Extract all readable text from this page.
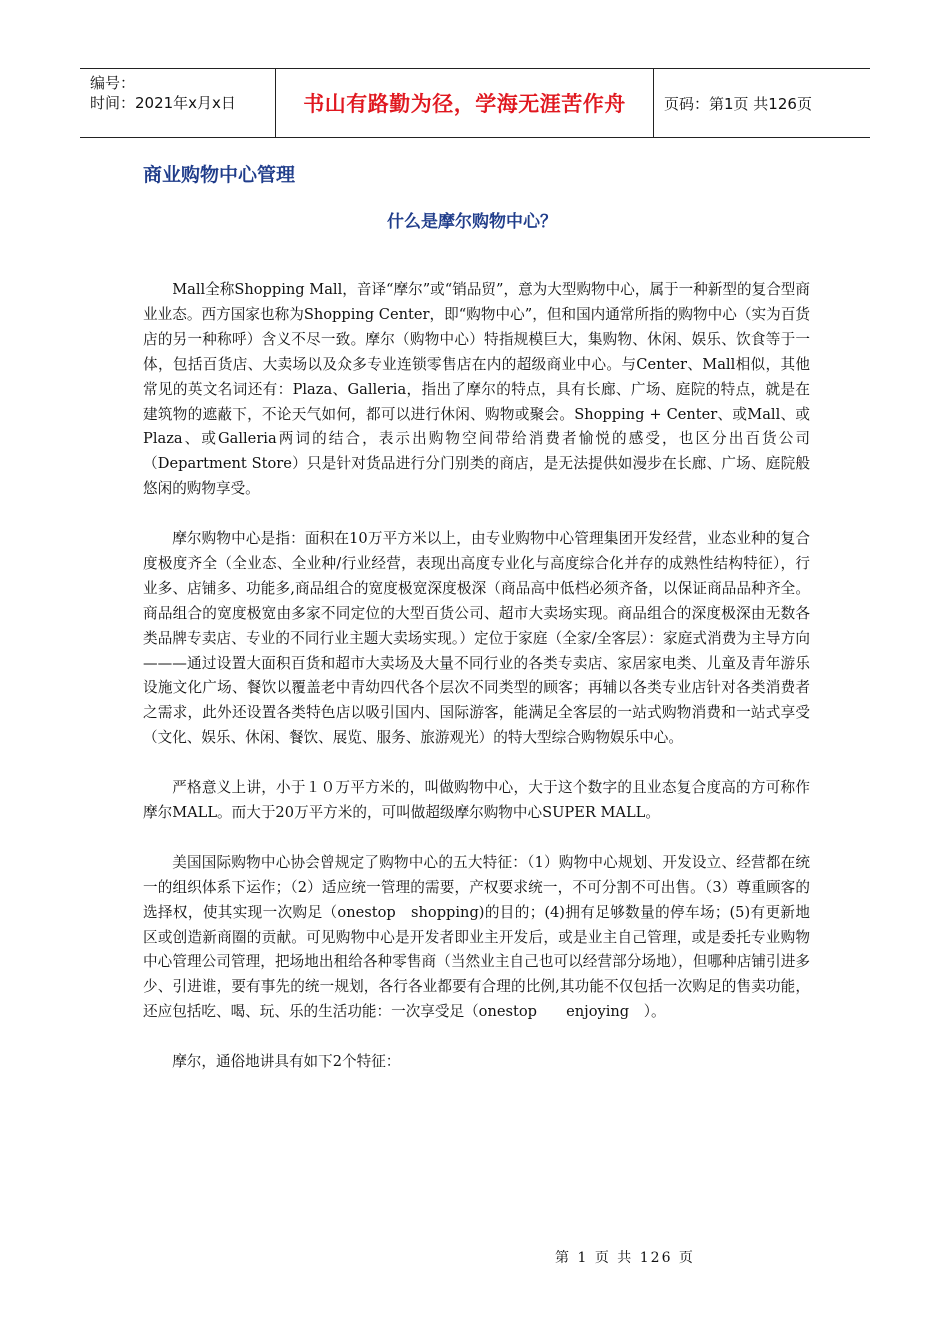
编号：
时间：2021年x月x日	书山有路勤为径，学海无涯苦作舟	页码：第1页 共126页
商业购物中心管理
什么是摩尔购物中心？

Mall全称Shopping Mall，音译“摩尔”或“销品贸”，意为大型购物中心，属于一种新型的复合型商业业态。西方国家也称为Shopping Center，即“购物中心”，但和国内通常所指的购物中心（实为百货店的另一种称呼）含义不尽一致。摩尔（购物中心）特指规模巨大，集购物、休闲、娱乐、饮食等于一体，包括百货店、大卖场以及众多专业连锁零售店在内的超级商业中心。与Center、Mall相似，其他常见的英文名词还有：Plaza、Galleria，指出了摩尔的特点，具有长廊、广场、庭院的特点，就是在建筑物的遮蔽下，不论天气如何，都可以进行休闲、购物或聚会。Shopping + Center、或Mall、或Plaza、或Galleria两词的结合，表示出购物空间带给消费者愉悦的感受，也区分出百货公司（Department Store）只是针对货品进行分门别类的商店，是无法提供如漫步在长廊、广场、庭院般悠闲的购物享受。

摩尔购物中心是指：面积在10万平方米以上，由专业购物中心管理集团开发经营，业态业种的复合度极度齐全（全业态、全业种/行业经营，表现出高度专业化与高度综合化并存的成熟性结构特征），行业多、店铺多、功能多,商品组合的宽度极宽深度极深（商品高中低档必须齐备，以保证商品品种齐全。商品组合的宽度极宽由多家不同定位的大型百货公司、超市大卖场实现。商品组合的深度极深由无数各类品牌专卖店、专业的不同行业主题大卖场实现。）定位于家庭（全家/全客层）：家庭式消费为主导方向———通过设置大面积百货和超市大卖场及大量不同行业的各类专卖店、家居家电类、儿童及青年游乐设施文化广场、餐饮以覆盖老中青幼四代各个层次不同类型的顾客；再辅以各类专业店针对各类消费者之需求，此外还设置各类特色店以吸引国内、国际游客，能满足全客层的一站式购物消费和一站式享受（文化、娱乐、休闲、餐饮、展览、服务、旅游观光）的特大型综合购物娱乐中心。

严格意义上讲，小于１０万平方米的，叫做购物中心，大于这个数字的且业态复合度高的方可称作摩尔MALL。而大于20万平方米的，可叫做超级摩尔购物中心SUPER MALL。

美国国际购物中心协会曾规定了购物中心的五大特征：（1）购物中心规划、开发设立、经营都在统一的组织体系下运作；（2）适应统一管理的需要，产权要求统一，不可分割不可出售。（3）尊重顾客的选择权，使其实现一次购足（onestop　shopping)的目的；(4)拥有足够数量的停车场；(5)有更新地区或创造新商圈的贡献。可见购物中心是开发者即业主开发后，或是业主自己管理，或是委托专业购物中心管理公司管理，把场地出租给各种零售商（当然业主自己也可以经营部分场地），但哪种店铺引进多少、引进谁，要有事先的统一规划，各行各业都要有合理的比例,其功能不仅包括一次购足的售卖功能，还应包括吃、喝、玩、乐的生活功能：一次享受足（onestop　　enjoying　）。

摩尔，通俗地讲具有如下2个特征：

第 1 页 共 126 页
